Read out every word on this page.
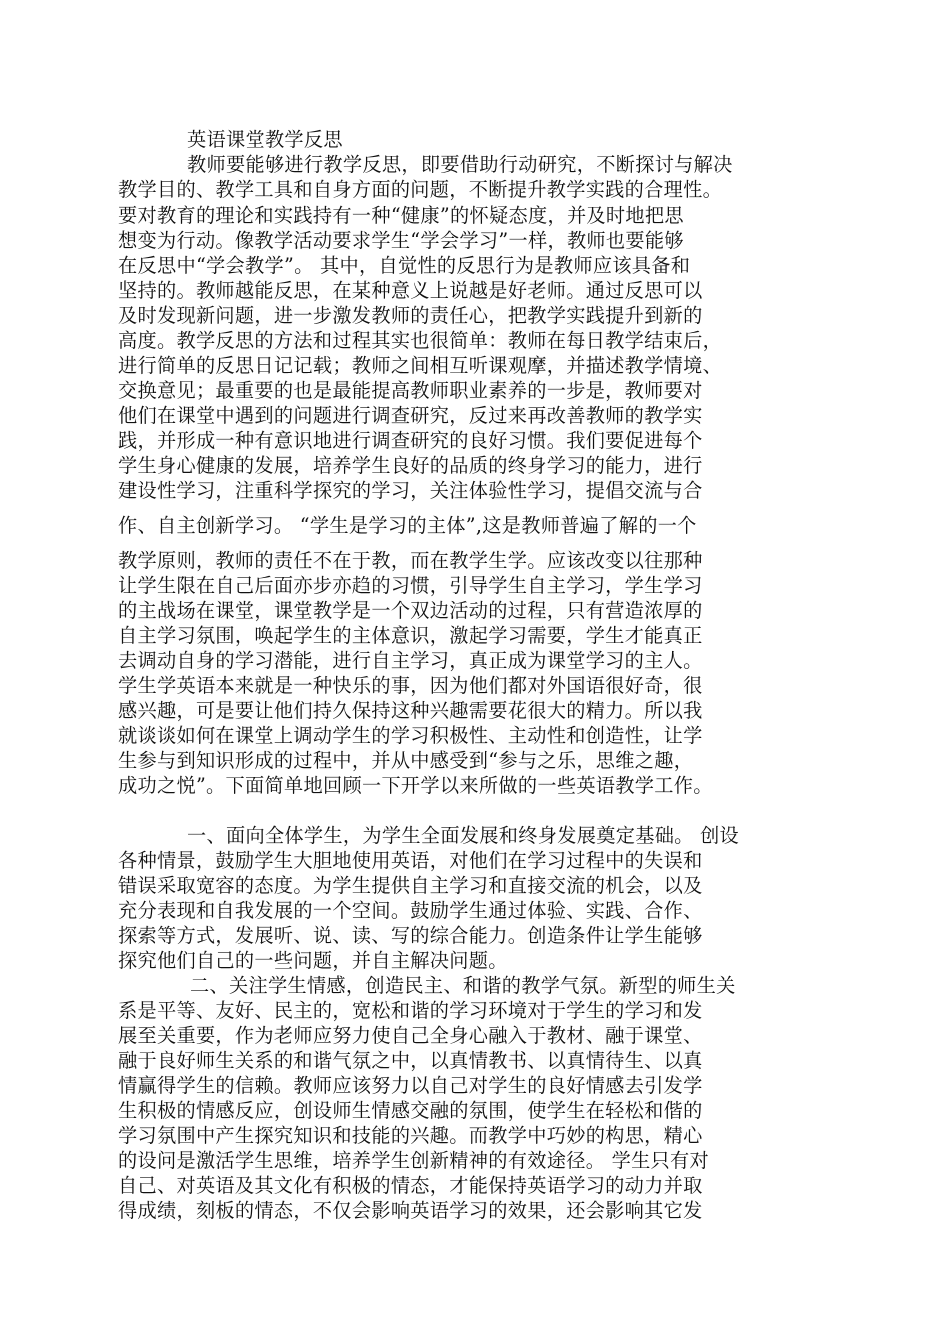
英语课堂教学反思
教师要能够进行教学反思，即要借助行动研究，不断探讨与解决
教学目的、教学工具和自身方面的问题，不断提升教学实践的合理性。
要对教育的理论和实践持有一种“健康”的怀疑态度，并及时地把思
想变为行动。像教学活动要求学生“学会学习”一样，教师也要能够
在反思中“学会教学”。 其中，自觉性的反思行为是教师应该具备和
坚持的。教师越能反思，在某种意义上说越是好老师。通过反思可以
及时发现新问题，进一步激发教师的责任心，把教学实践提升到新的
高度。教学反思的方法和过程其实也很简单：教师在每日教学结束后，
进行简单的反思日记记载；教师之间相互听课观摩，并描述教学情境、
交换意见；最重要的也是最能提高教师职业素养的一步是，教师要对
他们在课堂中遇到的问题进行调查研究，反过来再改善教师的教学实
践，并形成一种有意识地进行调查研究的良好习惯。我们要促进每个
学生身心健康的发展，培养学生良好的品质的终身学习的能力，进行
建设性学习，注重科学探究的学习，关注体验性学习，提倡交流与合
作、自主创新学习。 “学生是学习的主体”,这是教师普遍了解的一个
教学原则，教师的责任不在于教，而在教学生学。应该改变以往那种
让学生限在自己后面亦步亦趋的习惯，引导学生自主学习，学生学习
的主战场在课堂，课堂教学是一个双边活动的过程，只有营造浓厚的
自主学习氛围，唤起学生的主体意识，激起学习需要，学生才能真正
去调动自身的学习潜能，进行自主学习，真正成为课堂学习的主人。
学生学英语本来就是一种快乐的事，因为他们都对外国语很好奇，很
感兴趣，可是要让他们持久保持这种兴趣需要花很大的精力。所以我
就谈谈如何在课堂上调动学生的学习积极性、主动性和创造性，让学
生参与到知识形成的过程中，并从中感受到“参与之乐，思维之趣，
成功之悦”。下面简单地回顾一下开学以来所做的一些英语教学工作。
一、面向全体学生，为学生全面发展和终身发展奠定基础。 创设
各种情景，鼓励学生大胆地使用英语，对他们在学习过程中的失误和
错误采取宽容的态度。为学生提供自主学习和直接交流的机会，以及
充分表现和自我发展的一个空间。鼓励学生通过体验、实践、合作、
探索等方式，发展听、说、读、写的综合能力。创造条件让学生能够
探究他们自己的一些问题，并自主解决问题。
二、关注学生情感，创造民主、和谐的教学气氛。新型的师生关
系是平等、友好、民主的，宽松和谐的学习环境对于学生的学习和发
展至关重要，作为老师应努力使自己全身心融入于教材、融于课堂、
融于良好师生关系的和谐气氛之中，以真情教书、以真情待生、以真
情赢得学生的信赖。教师应该努力以自己对学生的良好情感去引发学
生积极的情感反应，创设师生情感交融的氛围，使学生在轻松和偕的
学习氛围中产生探究知识和技能的兴趣。而教学中巧妙的构思，精心
的设问是激活学生思维，培养学生创新精神的有效途径。 学生只有对
自己、对英语及其文化有积极的情态，才能保持英语学习的动力并取
得成绩，刻板的情态，不仅会影响英语学习的效果，还会影响其它发
